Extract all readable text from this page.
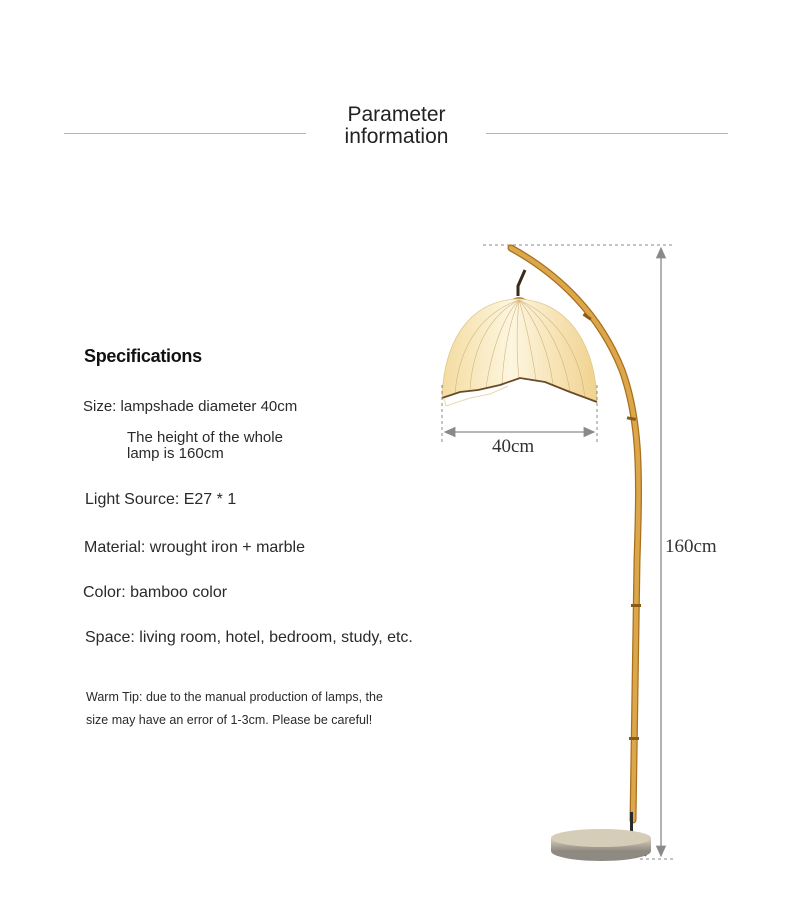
Parameter
information
Specifications
Size: lampshade diameter 40cm
The height of the whole
lamp is 160cm
Light Source: E27 * 1
Material: wrought iron + marble
Color: bamboo color
Space: living room, hotel, bedroom, study, etc.
Warm Tip: due to the manual production of lamps, the
size may have an error of 1-3cm. Please be careful!
40cm
160cm
